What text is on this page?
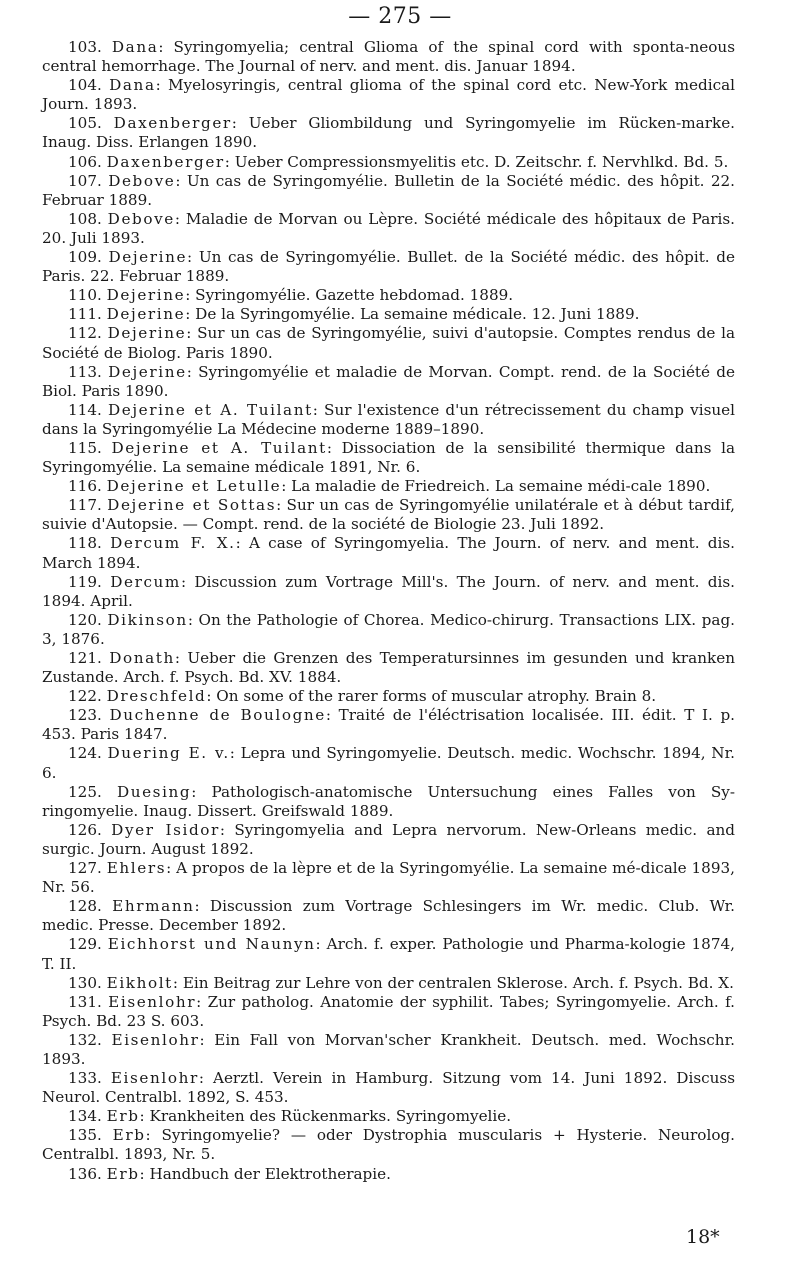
— 275 —

103. Dana: Syringomyelia; central Glioma of the spinal cord with sponta-neous central hemorrhage. The Journal of nerv. and ment. dis. Januar 1894.

104. Dana: Myelosyringis, central glioma of the spinal cord etc. New-York medical Journ. 1893.

105. Daxenberger: Ueber Gliombildung und Syringomyelie im Rücken-marke. Inaug. Diss. Erlangen 1890.

106. Daxenberger: Ueber Compressionsmyelitis etc. D. Zeitschr. f. Nervhlkd. Bd. 5.

107. Debove: Un cas de Syringomyélie. Bulletin de la Société médic. des hôpit. 22. Februar 1889.

108. Debove: Maladie de Morvan ou Lèpre. Société médicale des hôpitaux de Paris. 20. Juli 1893.

109. Dejerine: Un cas de Syringomyélie. Bullet. de la Société médic. des hôpit. de Paris. 22. Februar 1889.

110. Dejerine: Syringomyélie. Gazette hebdomad. 1889.

111. Dejerine: De la Syringomyélie. La semaine médicale. 12. Juni 1889.

112. Dejerine: Sur un cas de Syringomyélie, suivi d'autopsie. Comptes rendus de la Société de Biolog. Paris 1890.

113. Dejerine: Syringomyélie et maladie de Morvan. Compt. rend. de la Société de Biol. Paris 1890.

114. Dejerine et A. Tuilant: Sur l'existence d'un rétrecissement du champ visuel dans la Syringomyélie La Médecine moderne 1889–1890.

115. Dejerine et A. Tuilant: Dissociation de la sensibilité thermique dans la Syringomyélie. La semaine médicale 1891, Nr. 6.

116. Dejerine et Letulle: La maladie de Friedreich. La semaine médi-cale 1890.

117. Dejerine et Sottas: Sur un cas de Syringomyélie unilatérale et à début tardif, suivie d'Autopsie. — Compt. rend. de la société de Biologie 23. Juli 1892.

118. Dercum F. X.: A case of Syringomyelia. The Journ. of nerv. and ment. dis. March 1894.

119. Dercum: Discussion zum Vortrage Mill's. The Journ. of nerv. and ment. dis. 1894. April.

120. Dikinson: On the Pathologie of Chorea. Medico-chirurg. Transactions LIX. pag. 3, 1876.

121. Donath: Ueber die Grenzen des Temperatursinnes im gesunden und kranken Zustande. Arch. f. Psych. Bd. XV. 1884.

122. Dreschfeld: On some of the rarer forms of muscular atrophy. Brain 8.

123. Duchenne de Boulogne: Traité de l'éléctrisation localisée. III. édit. T I. p. 453. Paris 1847.

124. Duering E. v.: Lepra und Syringomyelie. Deutsch. medic. Wochschr. 1894, Nr. 6.

125. Duesing: Pathologisch-anatomische Untersuchung eines Falles von Sy-ringomyelie. Inaug. Dissert. Greifswald 1889.

126. Dyer Isidor: Syringomyelia and Lepra nervorum. New-Orleans medic. and surgic. Journ. August 1892.

127. Ehlers: A propos de la lèpre et de la Syringomyélie. La semaine mé-dicale 1893, Nr. 56.

128. Ehrmann: Discussion zum Vortrage Schlesingers im Wr. medic. Club. Wr. medic. Presse. December 1892.

129. Eichhorst und Naunyn: Arch. f. exper. Pathologie und Pharma-kologie 1874, T. II.

130. Eikholt: Ein Beitrag zur Lehre von der centralen Sklerose. Arch. f. Psych. Bd. X.

131. Eisenlohr: Zur patholog. Anatomie der syphilit. Tabes; Syringomyelie. Arch. f. Psych. Bd. 23 S. 603.

132. Eisenlohr: Ein Fall von Morvan'scher Krankheit. Deutsch. med. Wochschr. 1893.

133. Eisenlohr: Aerztl. Verein in Hamburg. Sitzung vom 14. Juni 1892. Discuss Neurol. Centralbl. 1892, S. 453.

134. Erb: Krankheiten des Rückenmarks. Syringomyelie.

135. Erb: Syringomyelie? — oder Dystrophia muscularis + Hysterie. Neurolog. Centralbl. 1893, Nr. 5.

136. Erb: Handbuch der Elektrotherapie.

18*
